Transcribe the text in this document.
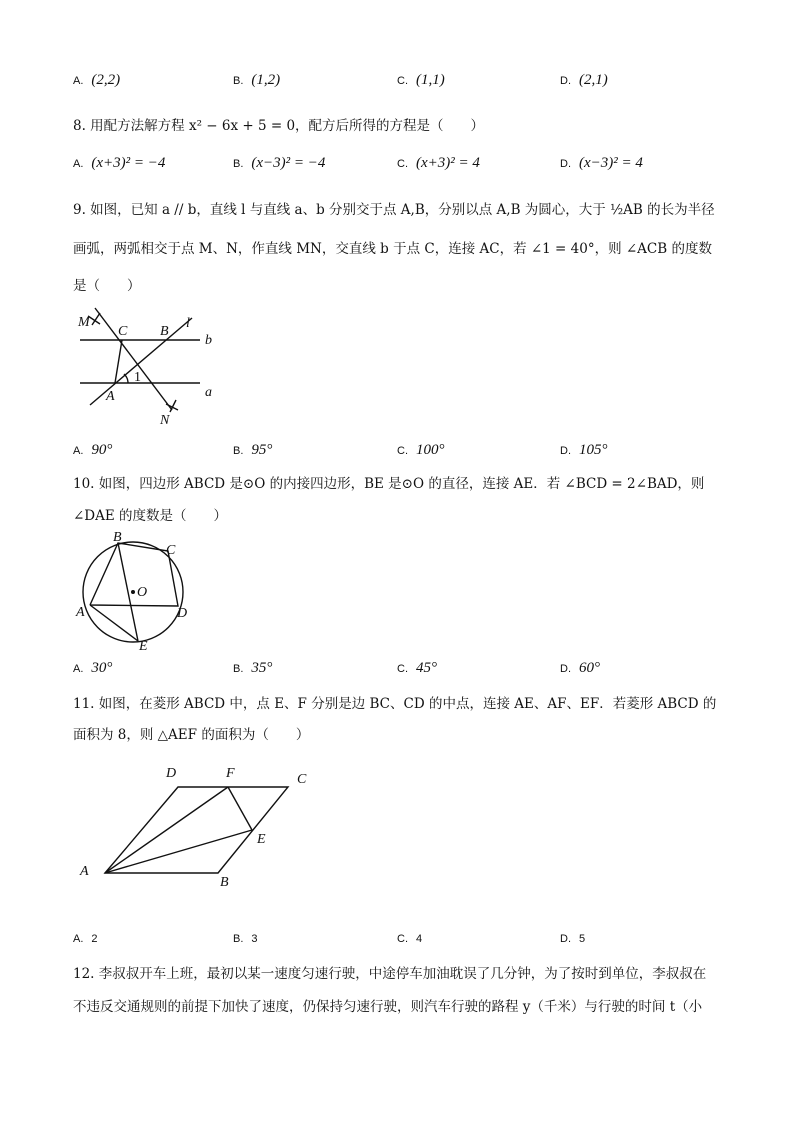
A. (2,2)	B. (1,2)	C. (1,1)	D. (2,1)
8. 用配方法解方程 x² − 6x + 5 = 0，配方后所得的方程是（　　）
A. (x+3)² = −4	B. (x−3)² = −4	C. (x+3)² = 4	D. (x−3)² = 4
9. 如图，已知 a // b，直线 l 与直线 a、b 分别交于点 A,B，分别以点 A,B 为圆心，大于 ½AB 的长为半径
画弧，两弧相交于点 M、N，作直线 MN，交直线 b 于点 C，连接 AC，若 ∠1 = 40°，则 ∠ACB 的度数
是（　　）
M
C B
l
b
a
A
N
1
B
C
D
A
E
O
D	F	C
E
A
B
A. 90°	B. 95°	C. 100°	D. 105°
10. 如图，四边形 ABCD 是⊙O 的内接四边形，BE 是⊙O 的直径，连接 AE．若 ∠BCD = 2∠BAD，则
∠DAE 的度数是（　　）
A. 30°	B. 35°	C. 45°	D. 60°
11. 如图，在菱形 ABCD 中，点 E、F 分别是边 BC、CD 的中点，连接 AE、AF、EF．若菱形 ABCD 的
面积为 8，则 △AEF 的面积为（　　）
A. 2	B. 3	C. 4	D. 5
12. 李叔叔开车上班，最初以某一速度匀速行驶，中途停车加油耽误了几分钟，为了按时到单位，李叔叔在
不违反交通规则的前提下加快了速度，仍保持匀速行驶，则汽车行驶的路程 y（千米）与行驶的时间 t（小
